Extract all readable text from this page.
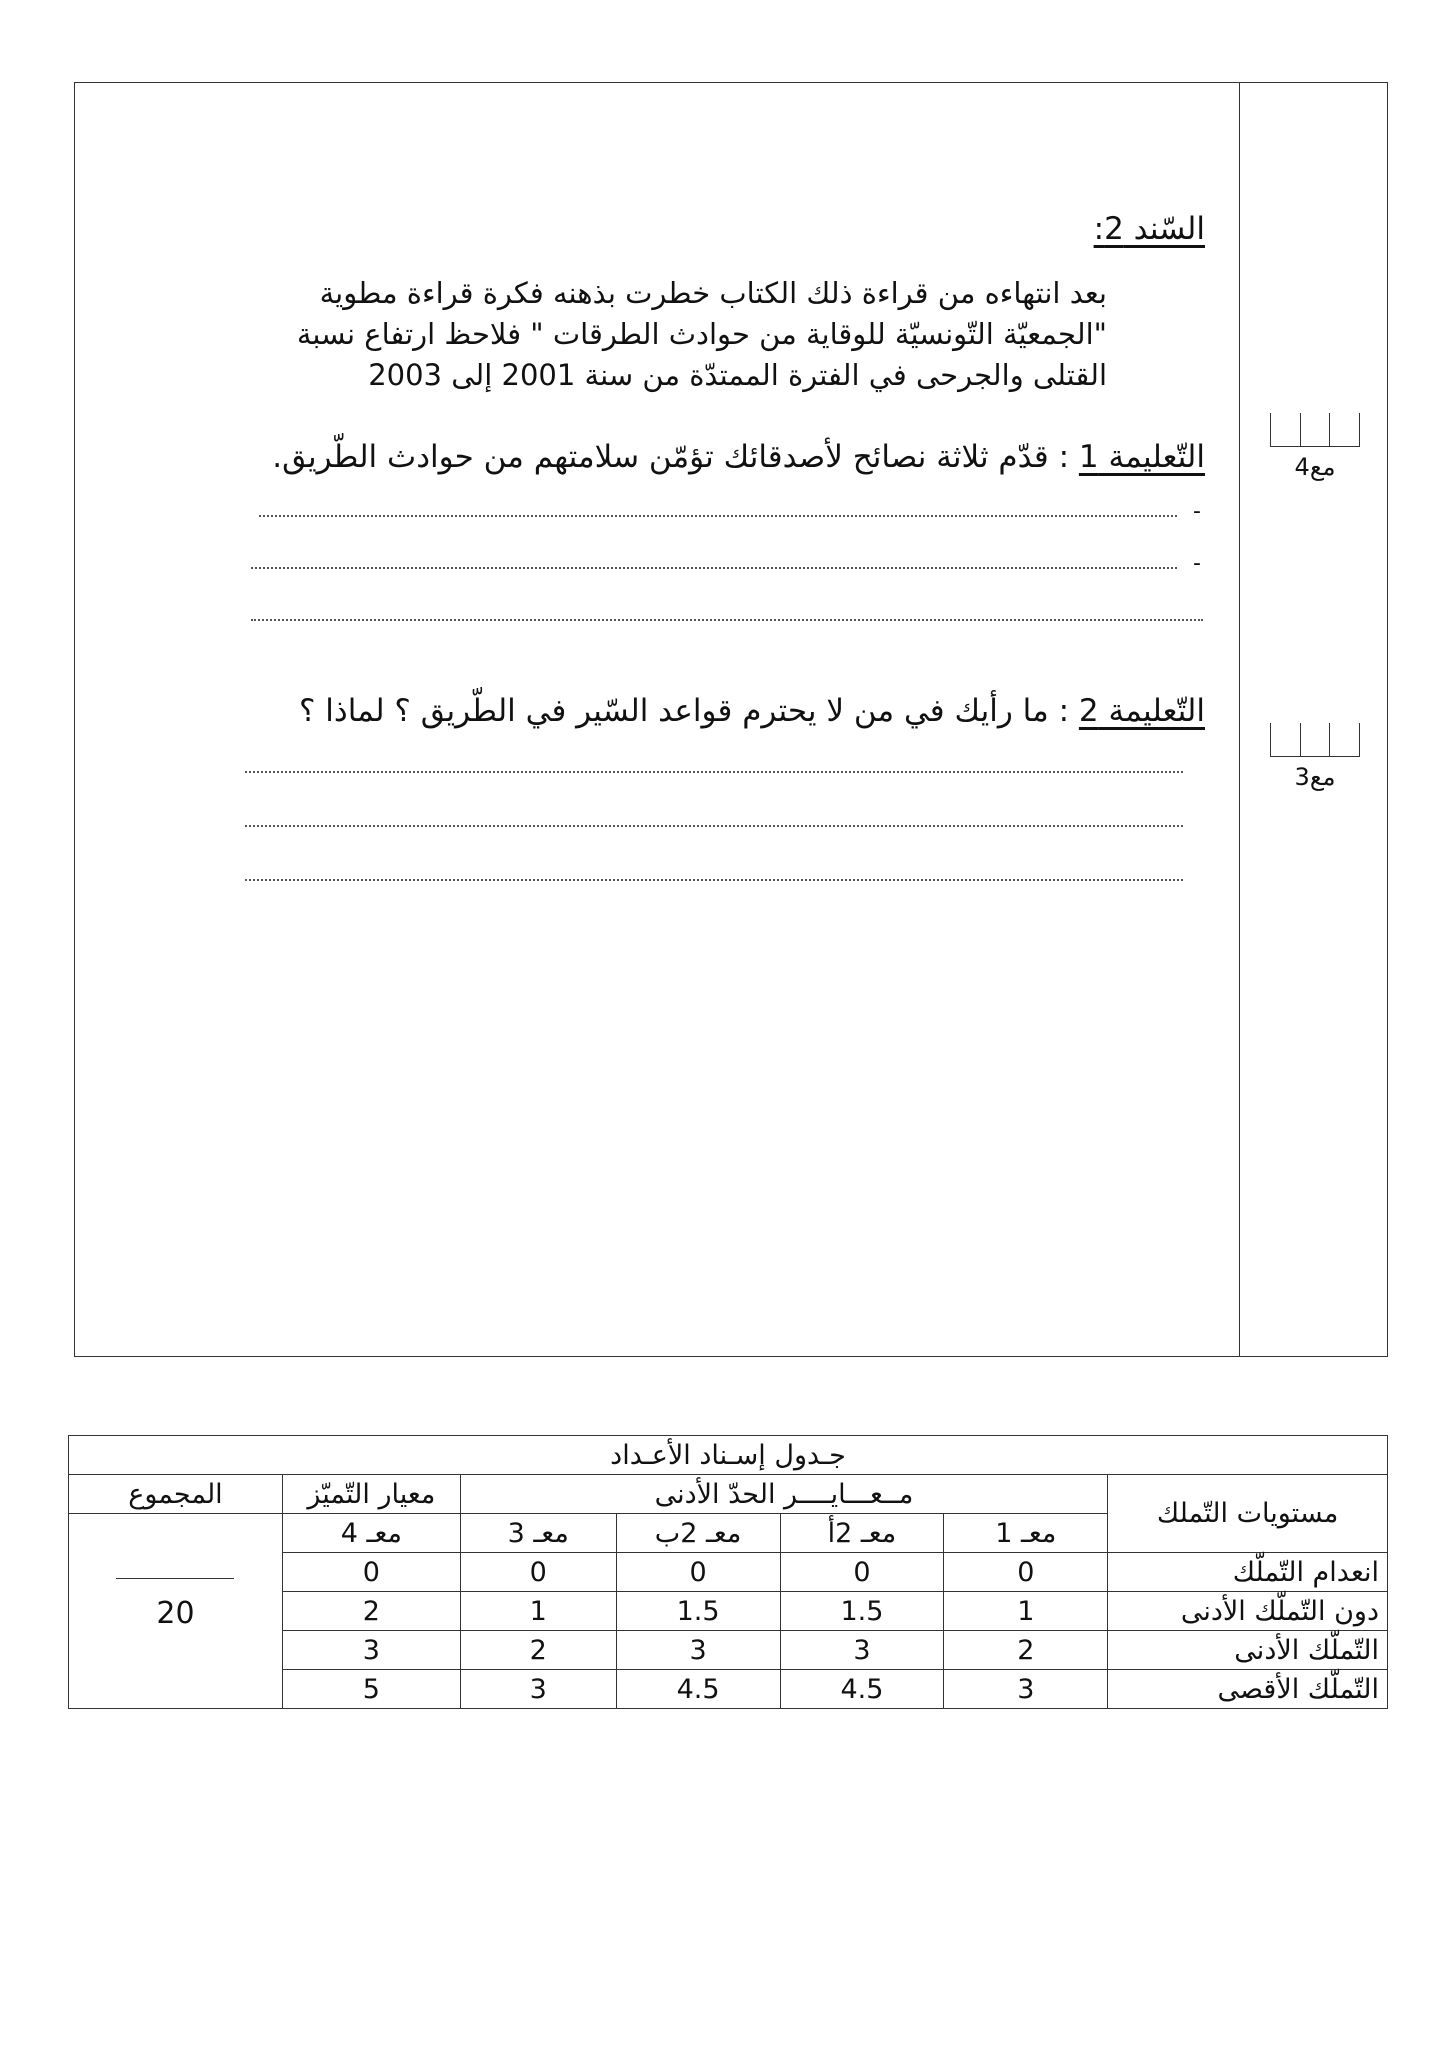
مع4
مع3
السّند 2:
بعد انتهاءه من قراءة ذلك الكتاب خطرت بذهنه فكرة قراءة مطوية
"الجمعيّة التّونسيّة للوقاية من حوادث الطرقات " فلاحظ ارتفاع نسبة
القتلى والجرحى في الفترة الممتدّة من سنة 2001 إلى 2003
التّعليمة 1 : قدّم ثلاثة نصائح لأصدقائك تؤمّن سلامتهم من حوادث الطّريق.
-
-
التّعليمة 2 : ما رأيك في من لا يحترم قواعد السّير في الطّريق ؟ لماذا ؟
جـدول إسـناد الأعـداد						
مستويات التّملك	مــعـــايــــر الحدّ الأدنى				معيار التّميّز	المجموع
	معـ 1	معـ 2أ	معـ 2ب	معـ 3	معـ 4	20

انعدام التّملّك	0	0	0	0	0	
دون التّملّك الأدنى	1	1.5	1.5	1	2	
التّملّك الأدنى	2	3	3	2	3	
التّملّك الأقصى	3	4.5	4.5	3	5	
